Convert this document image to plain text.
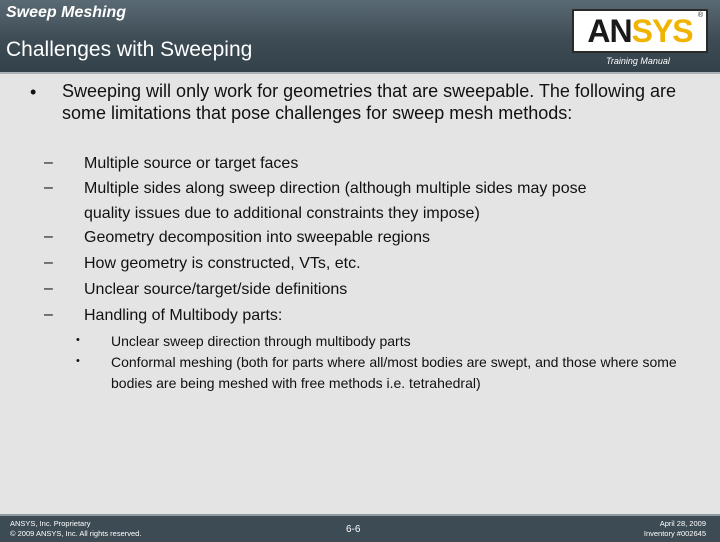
Sweep Meshing
Challenges with Sweeping
ANSYS ®
Training Manual
• Sweeping will only work for geometries that are sweepable. The following are some limitations that pose challenges for sweep mesh methods:
– Multiple source or target faces
– Multiple sides along sweep direction (although multiple sides may pose quality issues due to additional constraints they impose)
– Geometry decomposition into sweepable regions
– How geometry is constructed, VTs, etc.
– Unclear source/target/side definitions
– Handling of Multibody parts:
• Unclear sweep direction through multibody parts
• Conformal meshing (both for parts where all/most bodies are swept, and those where some bodies are being meshed with free methods i.e. tetrahedral)
ANSYS, Inc. Proprietary
© 2009 ANSYS, Inc. All rights reserved.	6-6
April 28, 2009
Inventory #002645
